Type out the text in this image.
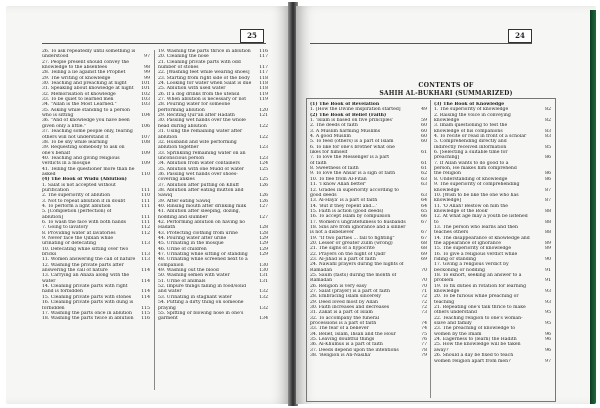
25
26. To ask repeatedly until something is
understood	97
27. People present should convey the
knowledge to the absentees	98
28. Telling a lie against the Prophet	99
29. The writing of knowledge	99
30. Teaching and preaching at night	101
31. Speaking about knowledge at night	101
32. Memorisation of knowledge	102
33. To be quiet to learned men	103
34. "Allah is the Most Learned."	103
35. Asking while standing to a person
who is sitting	104
36. "And of knowledge you have been
given only a little."	106
37. Teaching some people only, fearing
others will not understand it	107
38. To be shy while learning	108
39. Requesting somebody to ask on
one's behalf	109
40. Teaching and giving religious
verdicts in a mosque	109
41. Telling the questioner more than he
asked	110
(4) The Book of Wudu (Ablution)
1. Salat is not accepted without
purification	111
2. The superiority of ablution	110
3. Not to repeat ablution if in doubt	111
4. To perform a light ablution	111
5. [Completion (perfection) of
ablution]	111
6. To wash the face with both hands	111
7. Going to lavatory	112
8. Providing water at lavatories	112
9. Never face the Qiblah while
urinating or defecating	113
10. Defecating while sitting over two
bricks	113
11. Women answering the call of nature	113
12. Washing the private parts after
answering the call of nature	114
13. Carrying an Anaza along with the
water	114
14. Cleaning private parts with right
hand is forbidden	114
15. Cleaning private parts with stones	114
16. Cleaning private parts with dung is
forbidden	115
17. Washing the parts once in ablution	115
18. Washing the parts twice in ablution	116
19. Washing the parts thrice in ablution	116
20. Cleaning the nose	117
21. Cleaning private parts with odd
number of stones	117
22. [Washing feet while wearing shoes]	117
23. Starting from right side of the body	118
24. Looking for water when Salat is due	118
25. Ablution with used water	118
26. If a dog drinks from the utensil	119
27. When ablution is necessary or not	119
28. Pouring water for someone
performing ablution	120
29. Reciting Qur'an after Hadath	121
30. Passing wet hands over the whole
head during ablution	122
31. Using the remaining water after
ablution	122
32. Husband and wife performing
ablution together	123
33. Sprinkling remaining water on an
unconscious person	123
34. Ablution from water containers	124
35. Ablution with one Mudd of water	125
36. Passing wet hands over shoes-
covering ankles	125
37. Ablution after putting on Khuff	126
38. Ablution after eating mutton and
Sawiq	126
39. After eating Sawiq	126
40. Rinsing mouth after drinking milk	127
41. Ablution after sleeping, dozing,
nodding and slumber	127
42. Performing ablution on having no
Hadath	128
43. Protecting clothing from urine	128
44. Pouring water after urine	129
45. Urinating in the mosque	129
46. Urine of children	129
47. Urinating while sitting or standing	129
48. Urinating while screened next to a
companion	130
49. Washing out the blood	130
50. Washing semen with water	131
51. Urine of animals	131
52. Impure things falling in food/solid
and water	132
53. Urinating in stagnant water	132
54. Putting a dirty thing on someone
praying	132
55. Spitting or blowing nose in one's
garment	134
24
CONTENTS OF
SAHIH AL-BUKHARI (SUMMARIZED)
(1) The Book of Revelation
1. [How the Divine Inspiration started]	49
(2) The Book of Belief (Faith)
1. 'Islam is based on five principles'	59
2. The deeds of faith	60
3. A Muslim harming Muslims	60
4. A good Muslim	60
5. To feed (others) is a part of Islam	60
6. To like for one's brother what one
likes for himself	61
7. To love the Messenger is a part
of faith	61
8. Sweetness of faith	61
9. To love the Ansar is a sign of faith	62
10. To flee from Al-Fitan	63
11. 'I know Allah better'	63
12. Grades in superiority according to
good deeds	63
13. Al-Haya' is a part of faith	64
14. 'But if they repent and...'	64
15. Faith is action (good deeds)	65
16. To accept Islam by compulsion	66
17. Women's ungratefulness to husbands	67
18. Sins are from ignorance and a sinner
is not a disbeliever	67
19. "If two parties ... fall to fighting"	67
20. Lesser or greater Zulm (wrong)	68
21. The signs of a hypocrite	68
22. Prayers on the night of Qadr	69
23. Al-Jihad is a part of faith	69
24. Nawafil prayers during the nights of
Ramadan	70
25. Saum (fasts) during the month of
Ramadan	70
26. Religion is very easy	70
27. Salat (prayer) is a part of faith	71
28. Embracing Islam sincerely	72
29. Deed loved most by Allah	72
30. Faith increases and decreases	72
31. Zakat is a part of Islam	73
32. To accompany the funeral
processions is a part of faith	74
33. The fear of a believer	74
34. Belief, Islam, Ihsan and the Hour	75
35. Leaving doubtful things	76
36. Al-Khumus is a part of faith	77
37. Deeds depend upon the intentions	78
38. 'Religion is An-Nasiha'	79
(3) The Book of Knowledge
1. The superiority of knowledge	82
2. Raising the voice in conveying
knowledge	82
3. Imam questioning to test the
knowledge of his companions	83
4. To recite or read in front of a scholar	83
5. Comprehending directly and
indirectly received information	85
6. [Selecting a suitable time for
preaching]	86
7. If Allah wants to do good to a
person, He makes him comprehend
the religion	86
8. Understanding of knowledge	86
9. The superiority of comprehending
knowledge	87
10. [Wish to be like the one who has
knowledge]	87
11. 'O Allah! Bestow on him the
knowledge of the Book'	88
12. At what age may a youth be listened
to	88
13. The person who learns and then
teaches others	88
14. The disappearance of knowledge and
the appearance of ignorance	89
15. The superiority of knowledge	89
16. To give a religious verdict while
riding or standing	90
17. Giving a religious verdict by
beckoning or nodding	91
18. To exhort, seeking an answer to a
problem	91
19. To fix duties in rotation for learning
knowledge	93
20. To be furious while preaching or
teaching	93
21. Repeating one's talk thrice to make
others understand	95
22. Teaching religion to one's woman-
slave and family	95
23. The preaching of knowledge to
women by the Imam	96
24. Eagerness to (learn) the Hadith	96
25. How the knowledge will be taken
away?	96
26. Should a day be fixed to teach
women religion apart from men?	97
